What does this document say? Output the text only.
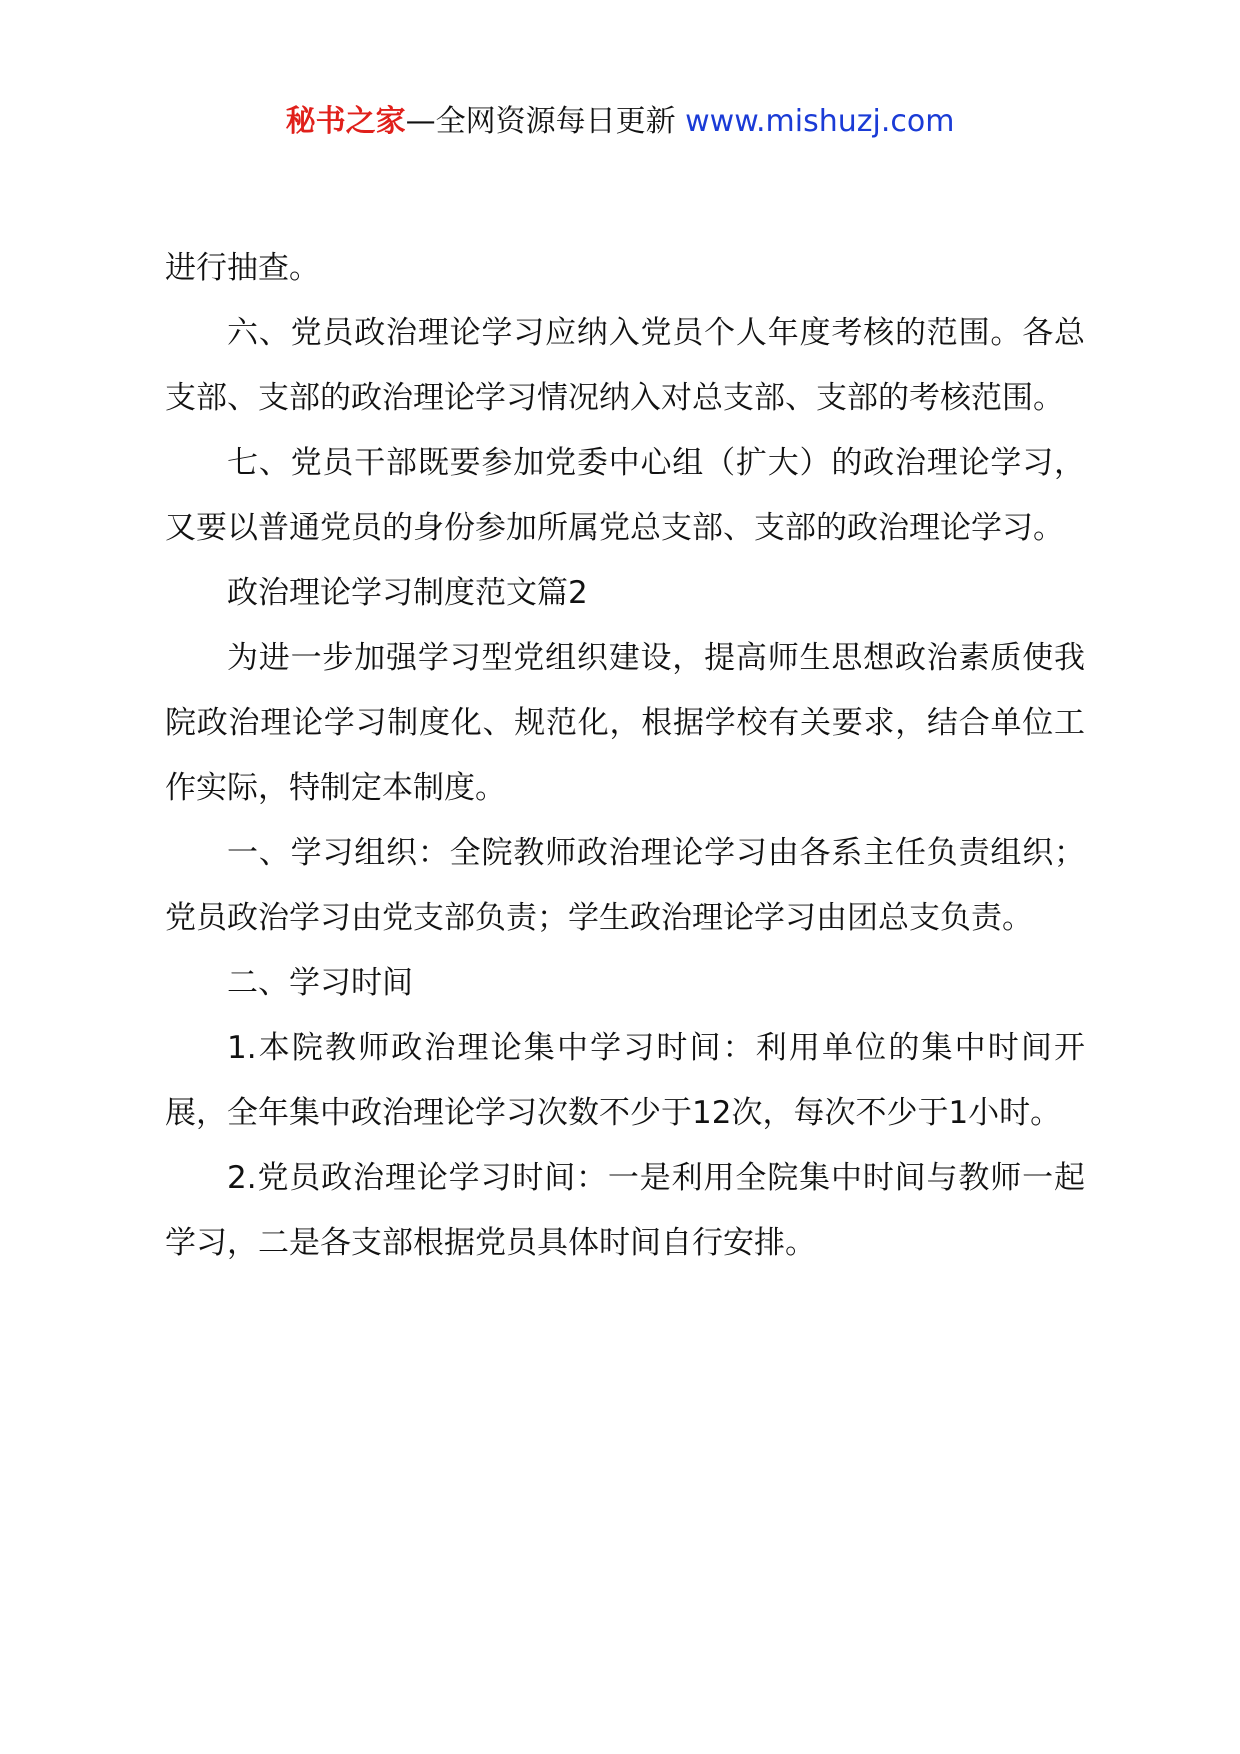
秘书之家—全网资源每日更新 www.mishuzj.com

进行抽查。

六、党员政治理论学习应纳入党员个人年度考核的范围。各总支部、支部的政治理论学习情况纳入对总支部、支部的考核范围。

七、党员干部既要参加党委中心组（扩大）的政治理论学习，又要以普通党员的身份参加所属党总支部、支部的政治理论学习。

政治理论学习制度范文篇2

为进一步加强学习型党组织建设，提高师生思想政治素质使我院政治理论学习制度化、规范化，根据学校有关要求，结合单位工作实际，特制定本制度。

一、学习组织：全院教师政治理论学习由各系主任负责组织；党员政治学习由党支部负责；学生政治理论学习由团总支负责。

二、学习时间

1.本院教师政治理论集中学习时间：利用单位的集中时间开展，全年集中政治理论学习次数不少于12次，每次不少于1小时。

2.党员政治理论学习时间：一是利用全院集中时间与教师一起学习，二是各支部根据党员具体时间自行安排。
